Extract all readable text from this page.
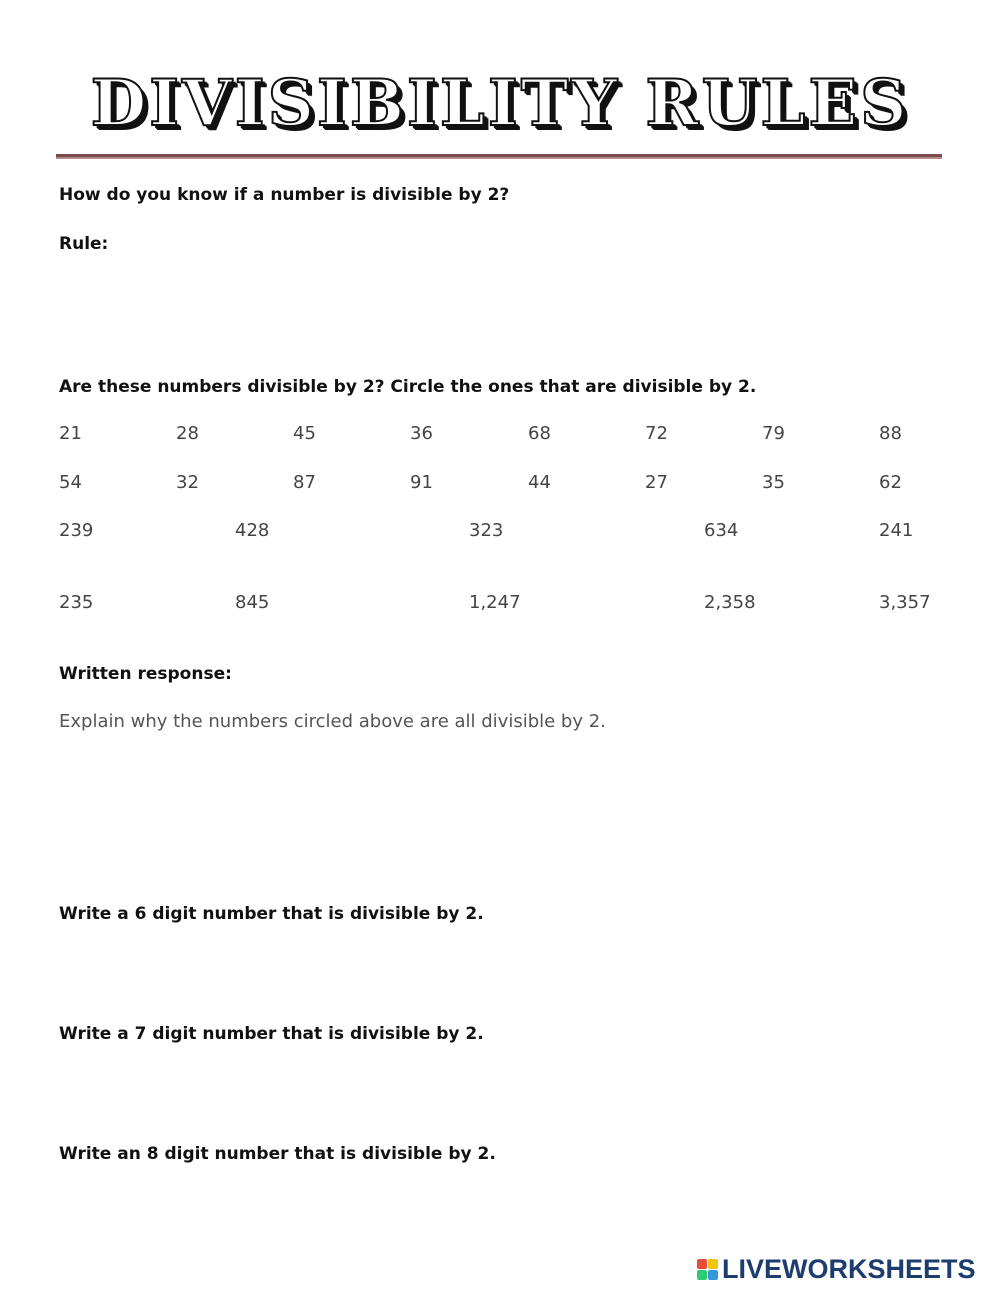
DIVISIBILITY RULES
How do you know if a number is divisible by 2?
Rule:
Are these numbers divisible by 2? Circle the ones that are divisible by 2.
21	28	45	36	68	72	79	88
54	32	87	91	44	27	35	62
239	428	323	634	241
235	845	1,247	2,358	3,357
Written response:
Explain why the numbers circled above are all divisible by 2.
Write a 6 digit number that is divisible by 2.
Write a 7 digit number that is divisible by 2.
Write an 8 digit number that is divisible by 2.
LIVEWORKSHEETS
